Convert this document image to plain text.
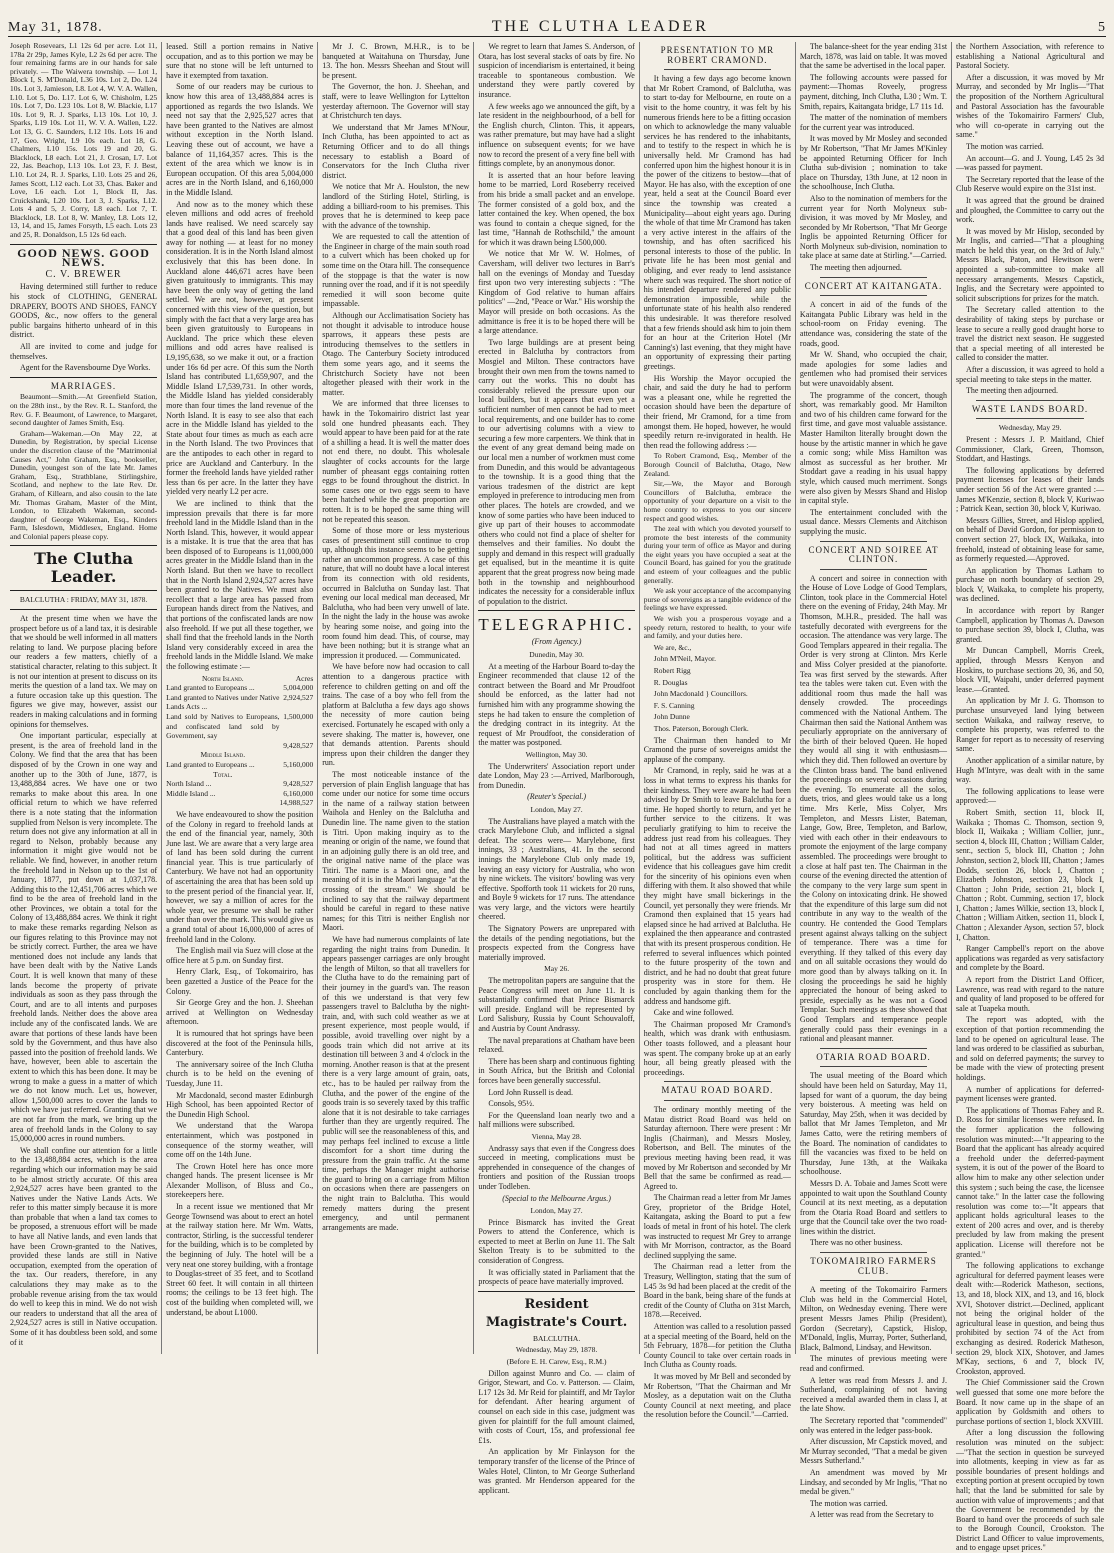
May 31, 1878.	THE CLUTHA LEADER	5

Joseph Rosevears, L1 12s 6d per acre. Lot 11, 178a 2r 29p, James Kyle, L2 2s 6d per acre. The four remaining farms are in our hands for sale privately. — The Waiwera township. — Lot 1, Block I, S. M'Donald, L36 10s. Lot 2, Do. L24 10s. Lot 3, Jamieson, L8. Lot 4, W. V. A. Wallen, L10. Lot 5, Do. L17. Lot 6, W. Chisholm, L25 10s. Lot 7, Do. L23 10s. Lot 8, W. Blackie, L17 10s. Lot 9, R. J. Sparks, L13 10s. Lot 10, J. Sparks, L19 10s. Lot 11, W. V. A. Wallen, L22. Lot 13, G. C. Saunders, L12 10s. Lots 16 and 17, Geo. Wright, L9 10s each. Lot 18, G. Chalmers, L10 15s. Lots 19 and 20, G. Blacklock, L8 each. Lot 21, J. Crosan, L7. Lot 22, Jas. Beachop, L13 10s. Lot 23, F. J. Best, L10. Lot 24, R. J. Sparks, L10. Lots 25 and 26, James Scott, L12 each. Lot 33, Chas. Baker and Love, L6 each. Lot 1, Block II, Jas. Cruickshank, L20 10s. Lot 3, J. Sparks, L12. Lots 4 and 5, J. Corry, L8 each. Lot 7, T. Blacklock, L8. Lot 8, W. Manley, L8. Lots 12, 13, 14, and 15, James Forsyth, L5 each. Lots 23 and 25, R. Donaldson, L5 12s 6d each.

GOOD NEWS. GOOD NEWS.
C. V. BREWER

Having determined still further to reduce his stock of CLOTHING, GENERAL DRAPERY, BOOTS AND SHOES, FANCY GOODS, &c., now offers to the general public bargains hitherto unheard of in this district.

All are invited to come and judge for themselves.

Agent for the Ravensbourne Dye Works.

MARRIAGES.

Beaumont—Smith.—At Greenfield Station, on the 28th inst., by the Rev. R. L. Stanford, the Rev. G. F. Beaumont, of Lawrence, to Margaret, second daughter of James Smith, Esq.

Graham—Wakeman.—On May 22, at Dunedin, by Registration, by special License under the discretion clause of the "Matrimonial Causes Act," John Graham, Esq., bookseller, Dunedin, youngest son of the late Mr. James Graham, Esq., Strathblane, Stirlingshire, Scotland, and nephew to the late Rev. Dr. Graham, of Killearn, and also cousin to the late Mr. Thomas Graham, Master of the Mint, London, to Elizabeth Wakeman, second-daughter of George Wakeman, Esq., Kinders Farm, Islesdown, Middlesex, England. Home and Colonial papers please copy.

The Clutha Leader.
BALCLUTHA : FRIDAY, MAY 31, 1878.

At the present time when we have the prospect before us of a land tax, it is desirable that we should be well informed in all matters relating to land. We purpose placing before our readers a few matters, chiefly of a statistical character, relating to this subject. It is not our intention at present to discuss on its merits the question of a land tax. We may on a future occasion take up this question. The figures we give may, however, assist our readers in making calculations and in forming opinions for themselves.

One important particular, especially at present, is the area of freehold land in the Colony. We find that the area that has been disposed of by the Crown in one way and another up to the 30th of June, 1877, is 13,488,884 acres. We have one or two remarks to make about this area. In one official return to which we have referred there is a note stating that the information supplied from Nelson is very incomplete. The return does not give any information at all in regard to Nelson, probably because any information it might give would not be reliable. We find, however, in another return the freehold land in Nelson up to the 1st of January, 1877, put down at 1,037,178. Adding this to the 12,451,706 acres which we find to be the area of freehold land in the other Provinces, we obtain a total for the Colony of 13,488,884 acres. We think it right to make these remarks regarding Nelson as our figures relating to this Province may not be strictly correct. Further, the area we have mentioned does not include any lands that have been dealt with by the Native Lands Court. It is well known that many of these lands become the property of private individuals as soon as they pass through the Court, and are to all intents and purposes freehold lands. Neither does the above area include any of the confiscated lands. We are aware that portions of these lands have been sold by the Government, and thus have also passed into the position of freehold lands. We have, however, been able to ascertain the extent to which this has been done. It may be wrong to make a guess in a matter of which we do not know much. Let us, however, allow 1,500,000 acres to cover the lands to which we have just referred. Granting that we are not far from the mark, we bring up the area of freehold lands in the Colony to say 15,000,000 acres in round numbers.

We shall confine our attention for a little to the 13,488,884 acres, which is the area regarding which our information may be said to be almost strictly accurate. Of this area 2,924,527 acres have been granted to the Natives under the Native Lands Acts. We refer to this matter simply because it is more than probable that when a land tax comes to be proposed, a strenuous effort will be made to have all Native lands, and even lands that have been Crown-granted to the Natives, provided these lands are still in Native occupation, exempted from the operation of the tax. Our readers, therefore, in any calculations they may make as to the probable revenue arising from the tax would do well to keep this in mind. We do not wish our readers to understand that all the area of 2,924,527 acres is still in Native occupation. Some of it has doubtless been sold, and some of it

leased. Still a portion remains in Native occupation, and as to this portion we may be sure that no stone will be left unturned to have it exempted from taxation.

Some of our readers may be curious to know how this area of 13,488,884 acres is apportioned as regards the two Islands. We need not say that the 2,925,527 acres that have been granted to the Natives are almost without exception in the North Island. Leaving these out of account, we have a balance of 11,164,357 acres. This is the extent of the area which we know is in European occupation. Of this area 5,004,000 acres are in the North Island, and 6,160,000 in the Middle Island.

And now as to the money which these eleven millions and odd acres of freehold lands have realised. We need scarcely say that a good deal of this land has been given away for nothing — at least for no money consideration. It is in the North Island almost exclusively that this has been done. In Auckland alone 446,671 acres have been given gratuitously to immigrants. This may have been the only way of getting the land settled. We are not, however, at present concerned with this view of the question, but simply with the fact that a very large area has been given gratuitously to Europeans in Auckland. The price which these eleven millions and odd acres have realised is L9,195,638, so we make it out, or a fraction under 16s 6d per acre. Of this sum the North Island has contributed L1,659,907, and the Middle Island L7,539,731. In other words, the Middle Island has yielded considerably more than four times the land revenue of the North Island. It is easy to see also that each acre in the Middle Island has yielded to the State about four times as much as each acre in the North Island. The two Provinces that are the antipodes to each other in regard to price are Auckland and Canterbury. In the former the freehold lands have yielded rather less than 6s per acre. In the latter they have yielded very nearly L2 per acre.

We are inclined to think that the impression prevails that there is far more freehold land in the Middle Island than in the North Island. This, however, it would appear is a mistake. It is true that the area that has been disposed of to Europeans is 11,000,000 acres greater in the Middle Island than in the North Island. But then we have to recollect that in the North Island 2,924,527 acres have been granted to the Natives. We must also recollect that a large area has passed from European hands direct from the Natives, and that portions of the confiscated lands are now also freehold. If we put all these together, we shall find that the freehold lands in the North Island very considerably exceed in area the freehold lands in the Middle Island. We make the following estimate :—

North Island.	Acres
Land granted to Europeans ...	5,004,000
Land granted to Natives under Native Lands Acts ...	2,924,527
Land sold by Natives to Europeans, and confiscated land sold by Government, say	1,500,000
	9,428,527
Middle Island.	
Land granted to Europeans ...	5,160,000
Total.	
North Island ...	9,428,527
Middle Island ...	6,160,000
	14,988,527

We have endeavoured to show the position of the Colony in regard to freehold lands at the end of the financial year, namely, 30th June last. We are aware that a very large area of land has been sold during the current financial year. This is true particularly of Canterbury. We have not had an opportunity of ascertaining the area that has been sold up to the present period of the financial year. If, however, we say a million of acres for the whole year, we presume we shall be rather under than over the mark. This would give us a grand total of about 16,000,000 of acres of freehold land in the Colony.

The English mail via Suez will close at the office here at 5 p.m. on Sunday first.

Henry Clark, Esq., of Tokomairiro, has been gazetted a Justice of the Peace for the Colony.

Sir George Grey and the hon. J. Sheehan arrived at Wellington on Wednesday afternoon.

It is rumoured that hot springs have been discovered at the foot of the Peninsula hills, Canterbury.

The anniversary soiree of the Inch Clutha church is to be held on the evening of Tuesday, June 11.

Mr Macdonald, second master Edinburgh High School, has been appointed Rector of the Dunedin High School.

We understand that the Waropa entertainment, which was postponed in consequence of the stormy weather, will come off on the 14th June.

The Crown Hotel here has once more changed hands. The present licensee is Mr Alexander Mollison, of Bluss and Co., storekeepers here.

In a recent issue we mentioned that Mr George Townsend was about to erect an hotel at the railway station here. Mr Wm. Watts, contractor, Stirling, is the successful tenderer for the building, which is to be completed by the beginning of July. The hotel will be a very neat one storey building, with a frontage to Douglas-street of 35 feet, and to Scotland Street 60 feet. It will contain in all thirteen rooms; the ceilings to be 13 feet high. The cost of the building when completed will, we understand, be about L1000.

Mr J. C. Brown, M.H.R., is to be banqueted at Waitahuna on Thursday, June 13. The hon. Messrs Sheehan and Stout will be present.

The Governor, the hon. J. Sheehan, and staff, were to leave Wellington for Lyttelton yesterday afternoon. The Governor will stay at Christchurch ten days.

We understand that Mr James M'Nour, Inch Clutha, has been appointed to act as Returning Officer and to do all things necessary to establish a Board of Conservators for the Inch Clutha river district.

We notice that Mr A. Houlston, the new landlord of the Stirling Hotel, Stirling, is adding a billiard-room to his premises. This proves that he is determined to keep pace with the advance of the township.

We are requested to call the attention of the Engineer in charge of the main south road to a culvert which has been choked up for some time on the Otara hill. The consequence of the stoppage is that the water is now running over the road, and if it is not speedily remedied it will soon become quite impassable.

Although our Acclimatisation Society has not thought it advisable to introduce house sparrows, it appears these pests are introducing themselves to the settlers in Otago. The Canterbury Society introduced them some years ago, and it seems the Christchurch Society have not been altogether pleased with their work in the matter.

We are informed that three licenses to hawk in the Tokomairiro district last year sold one hundred pheasants each. They would appear to have been paid for at the rate of a shilling a head. It is well the matter does not end there, no doubt. This wholesale slaughter of cocks accounts for the large number of pheasant eggs containing rotten eggs to be found throughout the district. In some cases one or two eggs seem to have been hatched while the great proportion are rotten. It is to be hoped the same thing will not be repeated this season.

Some of those more or less mysterious cases of presentiment still continue to crop up, although this instance seems to be getting rather an uncommon progress. A case of this nature, that will no doubt have a local interest from its connection with old residents, occurred in Balclutha on Sunday last. That evening our local medical man deceased, Mr Balclutha, who had been very unwell of late. In the night the lady in the house was awoke by hearing some noise, and going into the room found him dead. This, of course, may have been nothing; but it is strange what an impression it produced. — Communicated.

We have before now had occasion to call attention to a dangerous practice with reference to children getting on and off the trains. The case of a boy who fell from the platform at Balclutha a few days ago shows the necessity of more caution being exercised. Fortunately he escaped with only a severe shaking. The matter is, however, one that demands attention. Parents should impress upon their children the danger they run.

The most noticeable instance of the perversion of plain English language that has come under our notice for some time occurs in the name of a railway station between Waihola and Henley on the Balclutha and Dunedin line. The name given to the station is Titri. Upon making inquiry as to the meaning or origin of the name, we found that in an adjoining gully there is an old tree, and the original native name of the place was Titiri. The name is a Maori one, and the meaning of it is in the Maori language "at the crossing of the stream." We should be inclined to say that the railway department should be careful in regard to these native names; for this Titri is neither English nor Maori.

We have had numerous complaints of late regarding the night trains from Dunedin. It appears passenger carriages are only brought the length of Milton, so that all travellers for the Clutha have to do the remaining part of their journey in the guard's van. The reason of this we understand is that very few passengers travel to Balclutha by the night-train, and, with such cold weather as we at present experience, most people would, if possible, avoid travelling over night by a goods train which did not arrive at its destination till between 3 and 4 o'clock in the morning. Another reason is that at the present there is a very large amount of grain, oats, etc., has to be hauled per railway from the Clutha, and the power of the engine of the goods train is so severely taxed by this traffic alone that it is not desirable to take carriages further than they are urgently required. The public will see the reasonableness of this, and may perhaps feel inclined to excuse a little discomfort for a short time during the pressure from the grain traffic. At the same time, perhaps the Manager might authorise the guard to bring on a carriage from Milton on occasions when there are passengers on the night train to Balclutha. This would remedy matters during the present emergency, and until permanent arrangements are made.

We regret to learn that James S. Anderson, of Otara, has lost several stacks of oats by fire. No suspicion of incendiarism is entertained, it being traceable to spontaneous combustion. We understand they were partly covered by insurance.

A few weeks ago we announced the gift, by a late resident in the neighbourhood, of a bell for the English church, Clinton. This, it appears, was rather premature, but may have had a slight influence on subsequent events; for we have now to record the present of a very fine bell with fittings complete, by an anonymous donor.

It is asserted that an hour before leaving home to be married, Lord Roseberry received from his bride a small packet and an envelope. The former consisted of a gold box, and the latter contained the key. When opened, the box was found to contain a cheque signed, for the last time, "Hannah de Rothschild," the amount for which it was drawn being L500,000.

We notice that Mr W. W. Holmes, of Caversham, will deliver two lectures in Barr's hall on the evenings of Monday and Tuesday first upon two very interesting subjects : "The Kingdom of God relative to human affairs politics" —2nd, "Peace or War." His worship the Mayor will preside on both occasions. As the admittance is free it is to be hoped there will be a large attendance.

Two large buildings are at present being erected in Balclutha by contractors from Mosgiel and Milton. These contractors have brought their own men from the towns named to carry out the works. This no doubt has considerably relieved the pressure upon our local builders, but it appears that even yet a sufficient number of men cannot be had to meet local requirements, and one builder has to come to our advertising columns with a view to securing a few more carpenters. We think that in the event of any great demand being made on our local men a number of workmen must come from Dunedin, and this would be advantageous to the township. It is a good thing that the various tradesmen of the district are kept employed in preference to introducing men from other places. The hotels are crowded, and we know of some parties who have been induced to give up part of their houses to accommodate others who could not find a place of shelter for themselves and their families. No doubt the supply and demand in this respect will gradually get equalised, but in the meantime it is quite apparent that the great progress now being made both in the township and neighbourhood indicates the necessity for a considerable influx of population to the district.

TELEGRAPHIC.
(From Agency.)
Dunedin, May 30.

At a meeting of the Harbour Board to-day the Engineer recommended that clause 12 of the contract between the Board and Mr Proudfoot should be enforced, as the latter had not furnished him with any programme showing the steps he had taken to ensure the completion of the dredging contract in its integrity. At the request of Mr Proudfoot, the consideration of the matter was postponed.

Wellington, May 30.

The Underwriters' Association report under date London, May 23 :—Arrived, Marlborough, from Dunedin.

(Reuter's Special.)
London, May 27.

The Australians have played a match with the crack Marylebone Club, and inflicted a signal defeat. The scores were— Marylebone, first innings, 33 ; Australians, 41. In the second innings the Marylebone Club only made 19, leaving an easy victory for Australia, who won by nine wickets. The visitors' bowling was very effective. Spofforth took 11 wickets for 20 runs, and Boyle 9 wickets for 17 runs. The attendance was very large, and the victors were heartily cheered.

The Signatory Powers are unprepared with the details of the pending negotiations, but the prospects expected from the Congress have materially improved.

May 26.

The metropolitan papers are sanguine that the Peace Congress will meet on June 11. It is substantially confirmed that Prince Bismarck will preside. England will be represented by Lord Salisbury, Russia by Count Schouvaloff, and Austria by Count Andrassy.

The naval preparations at Chatham have been relaxed.

There has been sharp and continuous fighting in South Africa, but the British and Colonial forces have been generally successful.

Lord John Russell is dead.

Consols, 95½.

For the Queensland loan nearly two and a half millions were subscribed.

Vienna, May 28.

Andrassy says that even if the Congress does succeed in meeting, complications must be apprehended in consequence of the changes of frontiers and position of the Russian troops under Todleben.

(Special to the Melbourne Argus.)
London, May 27.

Prince Bismarck has invited the Great Powers to attend the Conference, which is expected to meet at Berlin on June 11. The Salt Skelton Treaty is to be submitted to the consideration of Congress.

It was officially stated in Parliament that the prospects of peace have materially improved.

Resident Magistrate's Court.
BALCLUTHA.
Wednesday, May 29, 1878.
(Before E. H. Carew, Esq., R.M.)

Dillon against Munro and Co. — claim of Grigor, Stewart, and Co. v. Patterson. — Claim, L17 12s 3d. Mr Reid for plaintiff, and Mr Taylor for defendant. After hearing argument of counsel on each side in this case, judgment was given for plaintiff for the full amount claimed, with costs of Court, 15s, and professional fee £1s.

An application by Mr Finlayson for the temporary transfer of the license of the Prince of Wales Hotel, Clinton, to Mr George Sutherland was granted. Mr Henderson appeared for the applicant.

PRESENTATION TO MR ROBERT CRAMOND.

It having a few days ago become known that Mr Robert Cramond, of Balclutha, was to start to-day for Melbourne, en route on a visit to the home country, it was felt by his numerous friends here to be a fitting occasion on which to acknowledge the many valuable services he has rendered to the inhabitants, and to testify to the respect in which he is universally held. Mr Cramond has had conferred upon him the highest honour it is in the power of the citizens to bestow—that of Mayor. He has also, with the exception of one year, held a seat at the Council Board ever since the township was created a Municipality—about eight years ago. During the whole of that time Mr Cramond has taken a very active interest in the affairs of the township, and has often sacrificed his personal interests to those of the public. In private life he has been most genial and obliging, and ever ready to lend assistance where such was required. The short notice of his intended departure rendered any public demonstration impossible, while the unfortunate state of his health also rendered this undesirable. It was therefore resolved that a few friends should ask him to join them for an hour at the Criterion Hotel (Mr Canning's) last evening, that they might have an opportunity of expressing their parting greetings.

His Worship the Mayor occupied the chair, and said the duty he had to perform was a pleasant one, while he regretted the occasion should have been the departure of their friend, Mr Cramond, for a time from amongst them. He hoped, however, he would speedily return re-invigorated in health. He then read the following address :—

To Robert Cramond, Esq., Member of the Borough Council of Balclutha, Otago, New Zealand.

Sir,—We, the Mayor and Borough Councillors of Balclutha, embrace the opportunity of your departure on a visit to the home country to express to you our sincere respect and good wishes.

The zeal with which you devoted yourself to promote the best interests of the community during your term of office as Mayor and during the eight years you have occupied a seat at the Council Board, has gained for you the gratitude and esteem of your colleagues and the public generally.

We ask your acceptance of the accompanying purse of sovereigns as a tangible evidence of the feelings we have expressed.

We wish you a prosperous voyage and a speedy return, restored to health, to your wife and family, and your duties here.

We are, &c.,

John M'Neil, Mayor.

Robert Rigg

R. Douglas

John Macdonald } Councillors.

F. S. Canning

John Dunne

Thos. Paterson, Borough Clerk.

The Chairman then handed to Mr Cramond the purse of sovereigns amidst the applause of the company.

Mr Cramond, in reply, said he was at a loss in what terms to express his thanks for their kindness. They were aware he had been advised by Dr Smith to leave Balclutha for a time. He hoped shortly to return, and yet he further service to the citizens. It was peculiarly gratifying to him to receive the address just read from his colleagues. They had not at all times agreed in matters political, but the address was sufficient evidence that his colleagues gave him credit for the sincerity of his opinions even when differing with them. It also showed that while they might have small bickerings in the Council, yet personally they were friends. Mr Cramond then explained that 15 years had elapsed since he had arrived at Balclutha. He explained the then appearance and contrasted that with its present prosperous condition. He referred to several influences which pointed to the future prosperity of the town and district, and he had no doubt that great future prosperity was in store for them. He concluded by again thanking them for the address and handsome gift.

Cake and wine followed.

The Chairman proposed Mr Cramond's health, which was drank with enthusiasm. Other toasts followed, and a pleasant hour was spent. The company broke up at an early hour, all being greatly pleased with the proceedings.

MATAU ROAD BOARD.

The ordinary monthly meeting of the Matau district Road Board was held on Saturday afternoon. There were present : Mr Inglis (Chairman), and Messrs Mosley, Robertson, and Bell. The minutes of the previous meeting having been read, it was moved by Mr Robertson and seconded by Mr Bell that the same be confirmed as read.—Agreed to.

The Chairman read a letter from Mr James Grey, proprietor of the Bridge Hotel, Kaitangata, asking the Board to put a few loads of metal in front of his hotel. The clerk was instructed to request Mr Grey to arrange with Mr Morrison, contractor, as the Board declined supplying the same.

The Chairman read a letter from the Treasury, Wellington, stating that the sum of L45 3s 9d had been placed at the credit of the Board in the bank, being share of the funds at credit of the County of Clutha on 31st March, 1878.—Received.

Attention was called to a resolution passed at a special meeting of the Board, held on the 5th February, 1878—for petition the Clutha County Council to take over certain roads in Inch Clutha as County roads.

It was moved by Mr Bell and seconded by Mr Robertson, "That the Chairman and Mr Mosley, as a deputation wait on the Clutha County Council at next meeting, and place the resolution before the Council."—Carried.

The balance-sheet for the year ending 31st March, 1878, was laid on table. It was moved that the same be advertised in the local paper.

The following accounts were passed for payment:—Thomas Roveely, progress payment, ditching, Inch Clutha, L30 ; Wm. T. Smith, repairs, Kaitangata bridge, L7 11s 1d.

The matter of the nomination of members for the current year was introduced.

It was moved by Mr Mosley and seconded by Mr Robertson, "That Mr James M'Kinley be appointed Returning Officer for Inch Clutha sub-division ; nomination to take place on Thursday, 13th June, at 12 noon in the schoolhouse, Inch Clutha.

Also to the nomination of members for the current year for North Molyneux sub-division, it was moved by Mr Mosley, and seconded by Mr Robertson, "That Mr George Inglis be appointed Returning Officer for North Molyneux sub-division, nomination to take place at same date at Stirling."—Carried.

The meeting then adjourned.

CONCERT AT KAITANGATA.

A concert in aid of the funds of the Kaitangata Public Library was held in the school-room on Friday evening. The attendance was, considering the state of the roads, good.

Mr W. Shand, who occupied the chair, made apologies for some ladies and gentlemen who had promised their services but were unavoidably absent.

The programme of the concert, though short, was remarkably good. Mr Hamilton and two of his children came forward for the first time, and gave most valuable assistance. Master Hamilton literally brought down the house by the artistic manner in which he gave a comic song; while Miss Hamilton was almost as successful as her brother. Mr Stoddart gave a reading in his usual happy style, which caused much merriment. Songs were also given by Messrs Shand and Hislop in capital style.

The entertainment concluded with the usual dance. Messrs Clements and Aitchison supplying the music.

CONCERT AND SOIREE AT CLINTON.

A concert and soiree in connection with the House of Love Lodge of Good Templars, Clinton, took place in the Commercial Hotel there on the evening of Friday, 24th May. Mr Thomson, M.H.R., presided. The hall was tastefully decorated with evergreens for the occasion. The attendance was very large. The Good Templars appeared in their regalia. The Order is very strong at Clinton. Mrs Kerle and Miss Colyer presided at the pianoforte. Tea was first served by the stewards. After tea the tables were taken cut. Even with the additional room thus made the hall was densely crowded. The proceedings commenced with the National Anthem. The Chairman then said the National Anthem was peculiarly appropriate on the anniversary of the birth of their beloved Queen. He hoped they would all sing it with enthusiasm—which they did. Then followed an overture by the Clinton brass band. The band enlivened the proceedings on several occasions during the evening. To enumerate all the solos, duets, trios, and glees would take us a long time. Mrs Kerle, Miss Colyer, Mrs Templeton, and Messrs Lister, Bateman, Lange, Gow, Bree, Templeton, and Barlow, vied with each other in their endeavours to promote the enjoyment of the large company assembled. The proceedings were brought to a close at half past ten. The Chairman in the course of the evening directed the attention of the company to the very large sum spent in the Colony on intoxicating drink. He showed that the expenditure of this large sum did not contribute in any way to the wealth of the country. He contended the Good Templars present against always talking on the subject of temperance. There was a time for everything. If they talked of this every day and on all suitable occasions they would do more good than by always talking on it. In closing the proceedings he said he highly appreciated the honour of being asked to preside, especially as he was not a Good Templar. Such meetings as these showed that Good Templars and temperance people generally could pass their evenings in a rational and pleasant manner.

OTARIA ROAD BOARD.

The usual meeting of the Board which should have been held on Saturday, May 11, lapsed for want of a quorum, the day being very boisterous. A meeting was held on Saturday, May 25th, when it was decided by ballot that Mr James Templeton, and Mr James Catto, were the retiring members of the Board. The nomination of candidates to fill the vacancies was fixed to be held on Thursday, June 13th, at the Waikaka schoolhouse.

Messrs D. A. Tobaie and James Scott were appointed to wait upon the Southland County Council at its next meeting, as a deputation from the Otaria Road Board and settlers to urge that the Council take over the two road-lines within the district.

There was no other business.

TOKOMAIRIRO FARMERS CLUB.

A meeting of the Tokomairiro Farmers Club was held in the Commercial Hotel, Milton, on Wednesday evening. There were present Messrs James Philip (President), Gordon (Secretary), Capstick, Hislop, M'Donald, Inglis, Murray, Porter, Sutherland, Black, Balmond, Lindsay, and Hewitson.

The minutes of previous meeting were read and confirmed.

A letter was read from Messrs J. and J. Sutherland, complaining of not having received a medal awarded them in class I, at the late Show.

The Secretary reported that "commended" only was entered in the ledger pass-book.

After discussion, Mr Capstick moved, and Mr Murray seconded, "That a medal be given Messrs Sutherland."

An amendment was moved by Mr Lindsay, and seconded by Mr Inglis, "That no medal be given."

The motion was carried.

A letter was read from the Secretary to

the Northern Association, with reference to establishing a National Agricultural and Pastoral Society.

After a discussion, it was moved by Mr Murray, and seconded by Mr Inglis—"That the proposition of the Northern Agricultural and Pastoral Association has the favourable wishes of the Tokomairiro Farmers' Club, who will co-operate in carrying out the same."

The motion was carried.

An account—G. and J. Young, L45 2s 3d—was passed for payment.

The Secretary reported that the lease of the Club Reserve would expire on the 31st inst.

It was agreed that the ground be drained and ploughed, the Committee to carry out the work.

It was moved by Mr Hislop, seconded by Mr Inglis, and carried—"That a ploughing match be held this year, on the 3rd of July." Messrs Black, Paton, and Hewitson were appointed a sub-committee to make all necessary arrangements. Messrs Capstick, Inglis, and the Secretary were appointed to solicit subscriptions for prizes for the match.

The Secretary called attention to the desirability of taking steps by purchase or lease to secure a really good draught horse to travel the district next season. He suggested that a special meeting of all interested be called to consider the matter.

After a discussion, it was agreed to hold a special meeting to take steps in the matter.

The meeting then adjourned.

WASTE LANDS BOARD.
Wednesday, May 29.

Present : Messrs J. P. Maitland, Chief Commissioner, Clark, Green, Thomson, Stoddart, and Hastings.

The following applications by deferred payment licenses for leases of their lands under section 56 of the Act were granted :—James M'Kenzie, section 8, block V, Kuriwao ; Patrick Kean, section 30, block V, Kuriwao.

Messrs Gillies, Street, and Hislop applied, on behalf of David Gordon, for permission to convert section 27, block IX, Waikaka, into freehold, instead of obtaining lease for same, as formerly requested.—Approved.

An application by Thomas Latham to purchase on north boundary of section 29, block V, Waikaka, to complete his property, was declined.

In accordance with report by Ranger Campbell, application by Thomas A. Dawson to purchase section 39, block I, Clutha, was granted.

Mr Duncan Campbell, Morris Creek, applied, through Messrs Kenyon and Hoskins, to purchase sections 20, 36, and 50, block VII, Waipahi, under deferred payment lease.—Granted.

An application by Mr J. G. Thomson to purchase unsurveyed land lying between section Waikaka, and railway reserve, to complete his property, was referred to the Ranger for report as to necessity of reserving same.

Another application of a similar nature, by Hugh M'Intyre, was dealt with in the same way.

The following applications to lease were approved:—

Robert Smith, section 11, block II, Waikaka ; Thomas C. Thomson, section 9, block II, Waikaka ; William Collier, junr., section 4, block III, Chatton ; William Calder, senr., section 5, block III, Chatton ; John Johnston, section 2, block III, Chatton ; James Dodds, section 26, block I, Chatton ; Elizabeth Johnston, section 23, block I, Chatton ; John Pride, section 21, block I, Chatton ; Robt. Cumming, section 17, block I, Chatton ; James Wilkie, section 13, block I, Chatton ; William Aitken, section 11, block I, Chatton ; Alexander Ayson, section 57, block I, Chatton.

Ranger Campbell's report on the above applications was regarded as very satisfactory and complete by the Board.

A report from the District Land Officer, Lawrence, was read with regard to the nature and quality of land proposed to be offered for sale at Tuapeka mouth.

The report was adopted, with the exception of that portion recommending the land to be opened on agricultural lease. The land was ordered to be classified as suburban, and sold on deferred payments; the survey to be made with the view of protecting present holdings.

A number of applications for deferred-payment licenses were granted.

The applications of Thomas Fahey and R. D. Ross for similar licenses were refused. In the former application the following resolution was minuted:—"It appearing to the Board that the applicant has already acquired a freehold under the deferred-payment system, it is out of the power of the Board to allow him to make any other selection under this system ; such being the case, the licensee cannot take." In the latter case the following resolution was come to:—"It appears that applicant holds agricultural leases to the extent of 200 acres and over, and is thereby precluded by law from making the present application. License will therefore not be granted."

The following applications to exchange agricultural for deferred payment leases were dealt with:—Roderick Matheson, sections, 13, and 18, block XIX, and 13, and 16, block XVI, Shotover district.—Declined, applicant not being the original holder of the agricultural lease in question, and being thus prohibited by section 74 of the Act from exchanging as desired. Roderick Matheson, section 29, block XIX, Shotover, and James M'Kay, sections, 6 and 7, block IV, Crookston, approved.

The Chief Commissioner said the Crown well guessed that some one more before the Board. It now came up in the shape of an application by Goldsmith and others to purchase portions of section 1, block XXVIII.

After a long discussion the following resolution was minuted on the subject:—"That the section in question be surveyed into allotments, keeping in view as far as possible boundaries of present holdings and excepting portion at present occupied by town hall; that the land be submitted for sale by auction with value of improvements ; and that the Government be recommended by the Board to hand over the proceeds of such sale to the Borough Council, Crookston. The District Land Officer to value improvements, and to engage upset prices."
